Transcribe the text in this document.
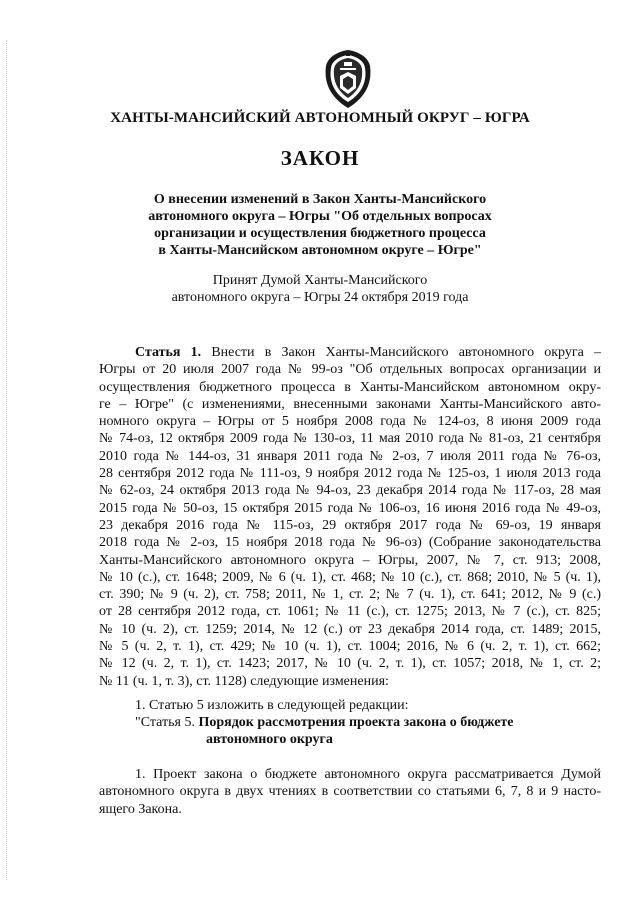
ХАНТЫ-МАНСИЙСКИЙ АВТОНОМНЫЙ ОКРУГ – ЮГРА
ЗАКОН
О внесении изменений в Закон Ханты-Мансийского
автономного округа – Югры "Об отдельных вопросах
организации и осуществления бюджетного процесса
в Ханты-Мансийском автономном округе – Югре"
Принят Думой Ханты-Мансийского
автономного округа – Югры 24 октября 2019 года
Статья 1. Внести в Закон Ханты-Мансийского автономного округа –
Югры от 20 июля 2007 года № 99-оз "Об отдельных вопросах организации и
осуществления бюджетного процесса в Ханты-Мансийском автономном окру-
ге – Югре" (с изменениями, внесенными законами Ханты-Мансийского авто-
номного округа – Югры от 5 ноября 2008 года № 124-оз, 8 июня 2009 года
№ 74-оз, 12 октября 2009 года № 130-оз, 11 мая 2010 года № 81-оз, 21 сентября
2010 года № 144-оз, 31 января 2011 года № 2-оз, 7 июля 2011 года № 76-оз,
28 сентября 2012 года № 111-оз, 9 ноября 2012 года № 125-оз, 1 июля 2013 года
№ 62-оз, 24 октября 2013 года № 94-оз, 23 декабря 2014 года № 117-оз, 28 мая
2015 года № 50-оз, 15 октября 2015 года № 106-оз, 16 июня 2016 года № 49-оз,
23 декабря 2016 года № 115-оз, 29 октября 2017 года № 69-оз, 19 января
2018 года № 2-оз, 15 ноября 2018 года № 96-оз) (Собрание законодательства
Ханты-Мансийского автономного округа – Югры, 2007, № 7, ст. 913; 2008,
№ 10 (с.), ст. 1648; 2009, № 6 (ч. 1), ст. 468; № 10 (с.), ст. 868; 2010, № 5 (ч. 1),
ст. 390; № 9 (ч. 2), ст. 758; 2011, № 1, ст. 2; № 7 (ч. 1), ст. 641; 2012, № 9 (с.)
от 28 сентября 2012 года, ст. 1061; № 11 (с.), ст. 1275; 2013, № 7 (с.), ст. 825;
№ 10 (ч. 2), ст. 1259; 2014, № 12 (с.) от 23 декабря 2014 года, ст. 1489; 2015,
№ 5 (ч. 2, т. 1), ст. 429; № 10 (ч. 1), ст. 1004; 2016, № 6 (ч. 2, т. 1), ст. 662;
№ 12 (ч. 2, т. 1), ст. 1423; 2017, № 10 (ч. 2, т. 1), ст. 1057; 2018, № 1, ст. 2;
№ 11 (ч. 1, т. 3), ст. 1128) следующие изменения:
1. Статью 5 изложить в следующей редакции:
"Статья 5. Порядок рассмотрения проекта закона о бюджете
автономного округа
1. Проект закона о бюджете автономного округа рассматривается Думой
автономного округа в двух чтениях в соответствии со статьями 6, 7, 8 и 9 насто-
ящего Закона.
